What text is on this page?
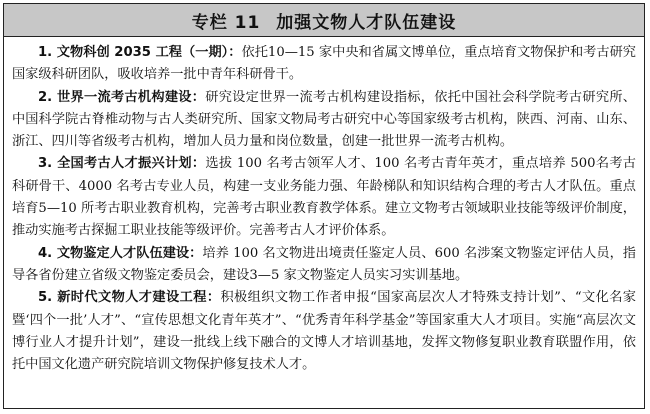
专栏 11 加强文物人才队伍建设

1. 文物科创 2035 工程（一期）：依托10—15 家中央和省属文博单位，重点培育文物保护和考古研究国家级科研团队，吸收培养一批中青年科研骨干。

2. 世界一流考古机构建设：研究设定世界一流考古机构建设指标，依托中国社会科学院考古研究所、中国科学院古脊椎动物与古人类研究所、国家文物局考古研究中心等国家级考古机构，陕西、河南、山东、浙江、四川等省级考古机构，增加人员力量和岗位数量，创建一批世界一流考古机构。

3. 全国考古人才振兴计划：选拔 100 名考古领军人才、100 名考古青年英才，重点培养 500名考古科研骨干、4000 名考古专业人员，构建一支业务能力强、年龄梯队和知识结构合理的考古人才队伍。重点培育5—10 所考古职业教育机构，完善考古职业教育教学体系。建立文物考古领域职业技能等级评价制度，推动实施考古探掘工职业技能等级评价。完善考古人才评价体系。

4. 文物鉴定人才队伍建设：培养 100 名文物进出境责任鉴定人员、600 名涉案文物鉴定评估人员，指导各省份建立省级文物鉴定委员会，建设3—5 家文物鉴定人员实习实训基地。

5. 新时代文物人才建设工程：积极组织文物工作者申报“国家高层次人才特殊支持计划”、“文化名家暨‘四个一批’人才”、“宣传思想文化青年英才”、“优秀青年科学基金”等国家重大人才项目。实施“高层次文博行业人才提升计划”，建设一批线上线下融合的文博人才培训基地，发挥文物修复职业教育联盟作用，依托中国文化遗产研究院培训文物保护修复技术人才。
